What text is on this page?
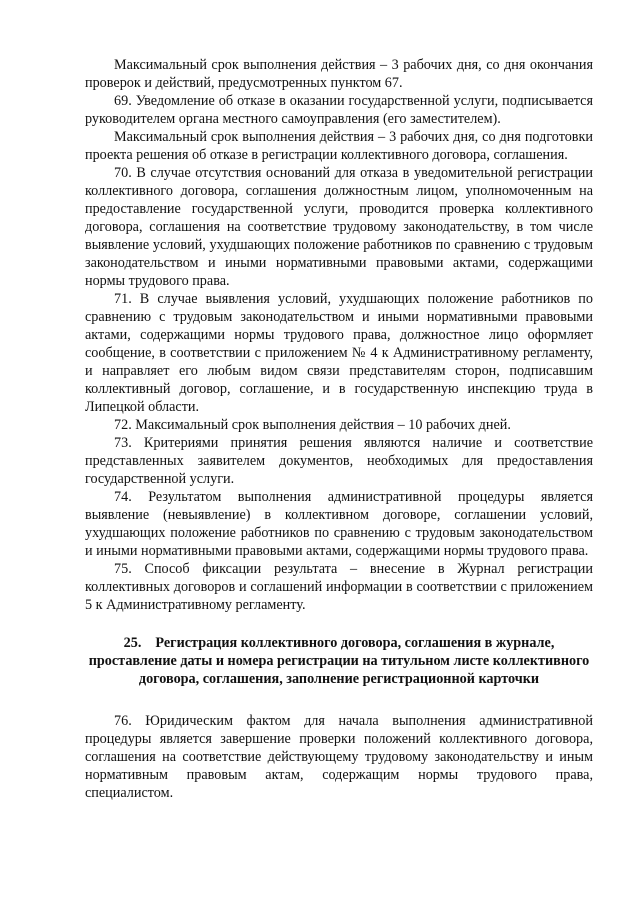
Максимальный срок выполнения действия – 3 рабочих дня, со дня окончания проверок и действий, предусмотренных пунктом 67.

69. Уведомление об отказе в оказании государственной услуги, подписывается руководителем органа местного самоуправления (его заместителем).

Максимальный срок выполнения действия – 3 рабочих дня, со дня подготовки проекта решения об отказе в регистрации коллективного договора, соглашения.

70. В случае отсутствия оснований для отказа в уведомительной регистрации коллективного договора, соглашения должностным лицом, уполномоченным на предоставление государственной услуги, проводится проверка коллективного договора, соглашения на соответствие трудовому законодательству, в том числе выявление условий, ухудшающих положение работников по сравнению с трудовым законодательством и иными нормативными правовыми актами, содержащими нормы трудового права.

71. В случае выявления условий, ухудшающих положение работников по сравнению с трудовым законодательством и иными нормативными правовыми актами, содержащими нормы трудового права, должностное лицо оформляет сообщение, в соответствии с приложением № 4 к Административному регламенту, и направляет его любым видом связи представителям сторон, подписавшим коллективный договор, соглашение, и в государственную инспекцию труда в Липецкой области.

72. Максимальный срок выполнения действия – 10 рабочих дней.

73. Критериями принятия решения являются наличие и соответствие представленных заявителем документов, необходимых для предоставления государственной услуги.

74. Результатом выполнения административной процедуры является выявление (невыявление) в коллективном договоре, соглашении условий, ухудшающих положение работников по сравнению с трудовым законодательством и иными нормативными правовыми актами, содержащими нормы трудового права.

75. Способ фиксации результата – внесение в Журнал регистрации коллективных договоров и соглашений информации в соответствии с приложением 5 к Административному регламенту.

25. Регистрация коллективного договора, соглашения в журнале, проставление даты и номера регистрации на титульном листе коллективного договора, соглашения, заполнение регистрационной карточки

76. Юридическим фактом для начала выполнения административной процедуры является завершение проверки положений коллективного договора, соглашения на соответствие действующему трудовому законодательству и иным нормативным правовым актам, содержащим нормы трудового права, специалистом.
